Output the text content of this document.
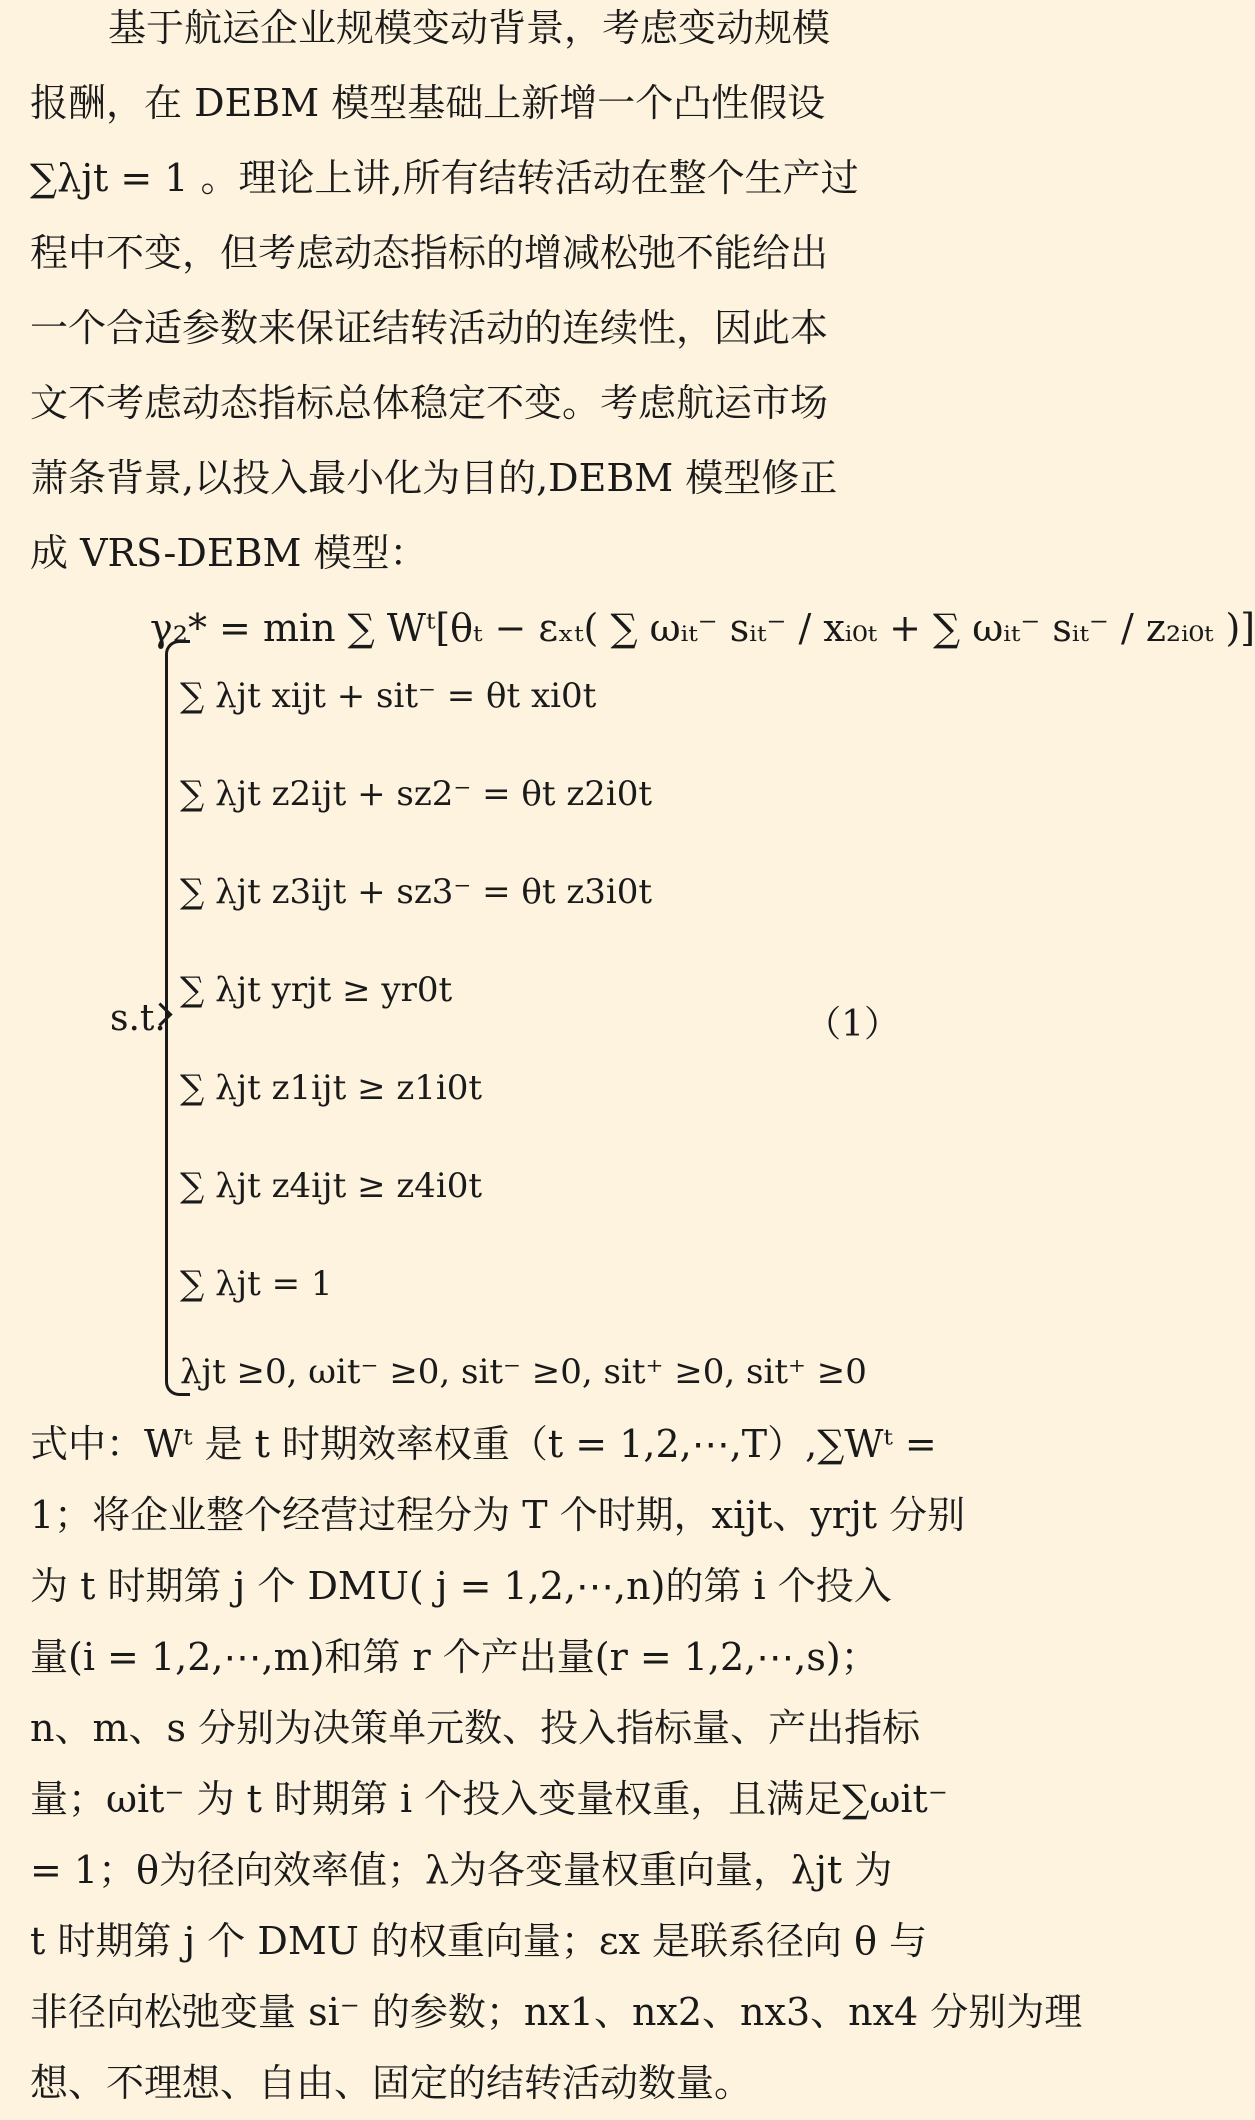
基于航运企业规模变动背景，考虑变动规模
报酬，在 DEBM 模型基础上新增一个凸性假设
∑λjt = 1 。理论上讲,所有结转活动在整个生产过
程中不变，但考虑动态指标的增减松弛不能给出
一个合适参数来保证结转活动的连续性，因此本
文不考虑动态指标总体稳定不变。考虑航运市场
萧条背景,以投入最小化为目的,DEBM 模型修正
成 VRS-DEBM 模型：
γ₂* = min ∑ Wᵗ[θₜ − εₓₜ( ∑ ωᵢₜ⁻ sᵢₜ⁻ / xᵢ₀ₜ + ∑ ωᵢₜ⁻ sᵢₜ⁻ / z₂ᵢ₀ₜ )]
s.t.
∑ λjt xijt + sit⁻ = θt xi0t
∑ λjt z2ijt + sz2⁻ = θt z2i0t
∑ λjt z3ijt + sz3⁻ = θt z3i0t
∑ λjt yrjt ≥ yr0t
∑ λjt z1ijt ≥ z1i0t
∑ λjt z4ijt ≥ z4i0t
∑ λjt = 1
λjt ≥0, ωit⁻ ≥0, sit⁻ ≥0, sit⁺ ≥0, sit⁺ ≥0
（1）
式中：Wᵗ 是 t 时期效率权重（t = 1,2,⋯,T）,∑Wᵗ =
1；将企业整个经营过程分为 T 个时期，xijt、yrjt 分别
为 t 时期第 j 个 DMU( j = 1,2,⋯,n)的第 i 个投入
量(i = 1,2,⋯,m)和第 r 个产出量(r = 1,2,⋯,s)；
n、m、s 分别为决策单元数、投入指标量、产出指标
量；ωit⁻ 为 t 时期第 i 个投入变量权重，且满足∑ωit⁻
= 1；θ为径向效率值；λ为各变量权重向量，λjt 为
t 时期第 j 个 DMU 的权重向量；εx 是联系径向 θ 与
非径向松弛变量 si⁻ 的参数；nx1、nx2、nx3、nx4 分别为理
想、不理想、自由、固定的结转活动数量。
